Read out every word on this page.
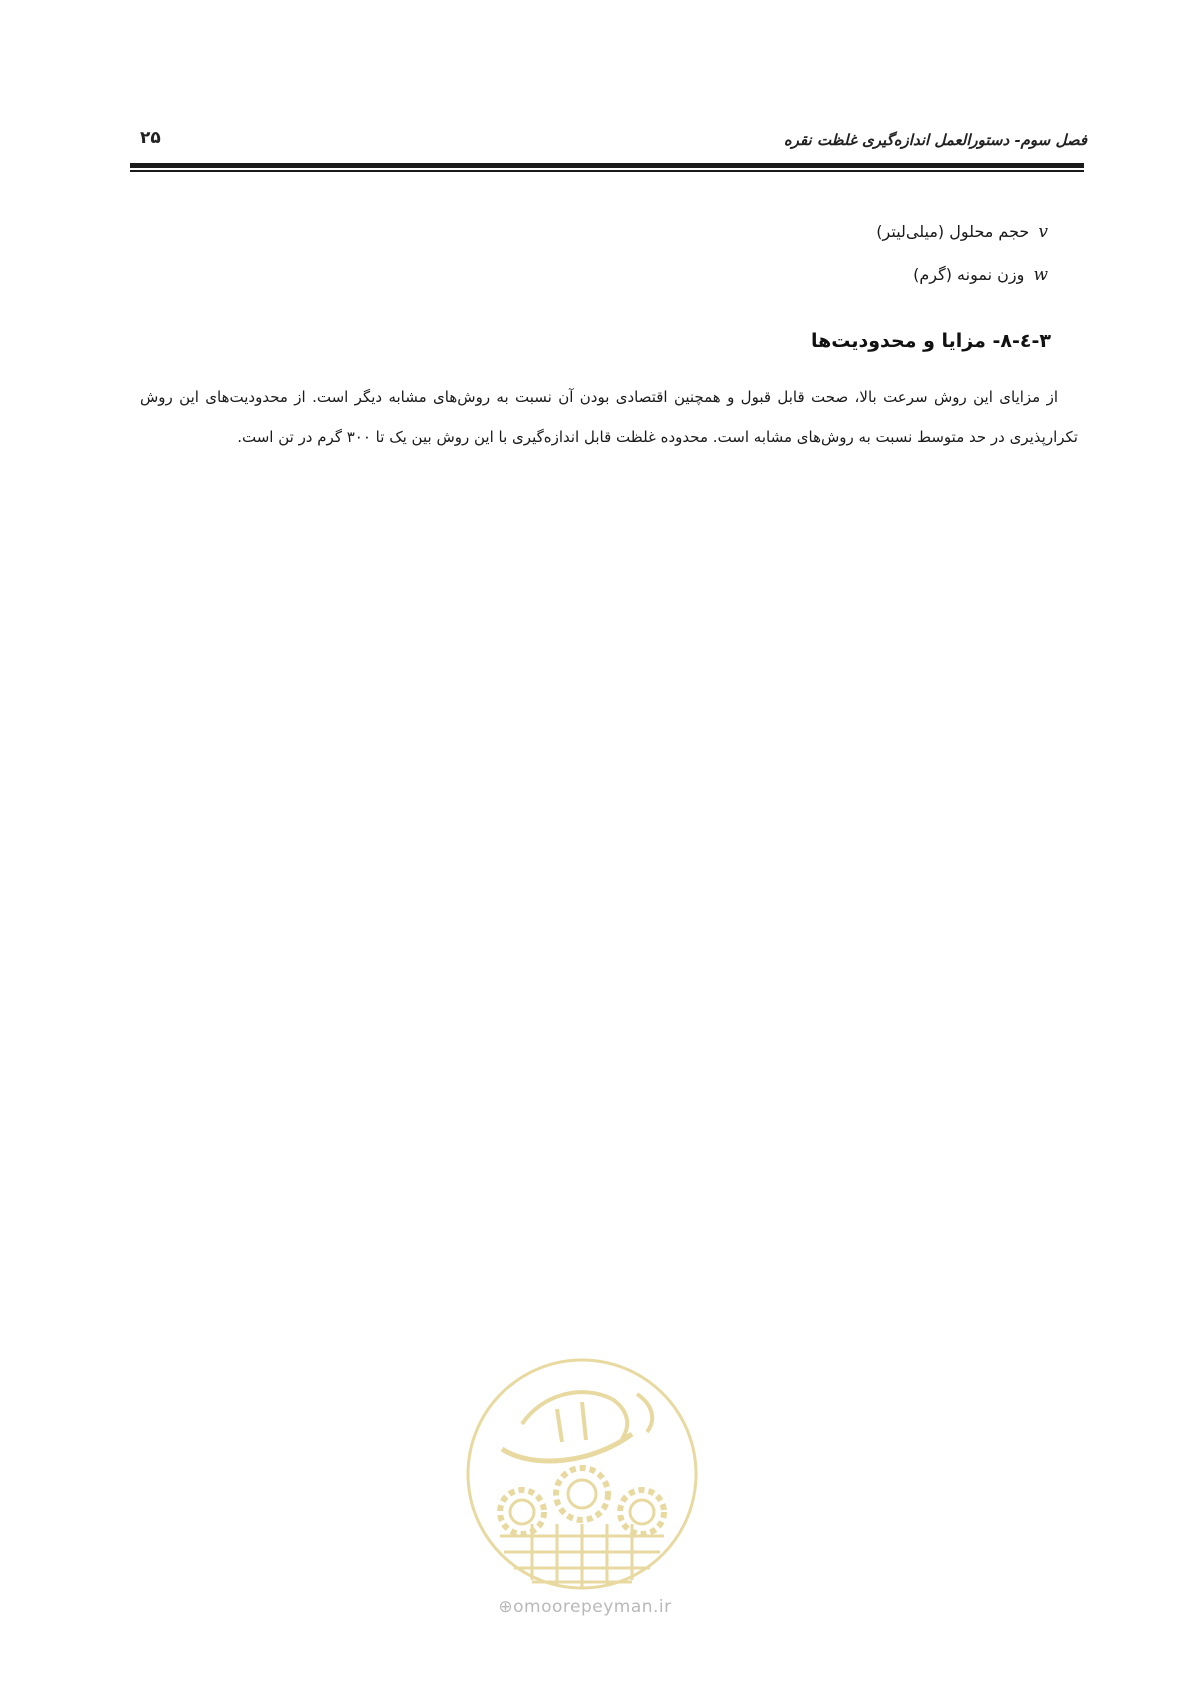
فصل سوم- دستورالعمل اندازه‌گیری غلظت نقره
۲۵
v حجم محلول (میلی‌لیتر)
w وزن نمونه (گرم)
۳-٤-۸- مزایا و محدودیت‌ها
از مزایای این روش سرعت بالا، صحت قابل قبول و همچنین اقتصادی بودن آن نسبت به روش‌های مشابه دیگر است. از محدودیت‌های این روش تکرارپذیری در حد متوسط نسبت به روش‌های مشابه است. محدوده غلظت قابل اندازه‌گیری با این روش بین یک تا ۳۰۰ گرم در تن است.
⊕omoorepeyman.ir
